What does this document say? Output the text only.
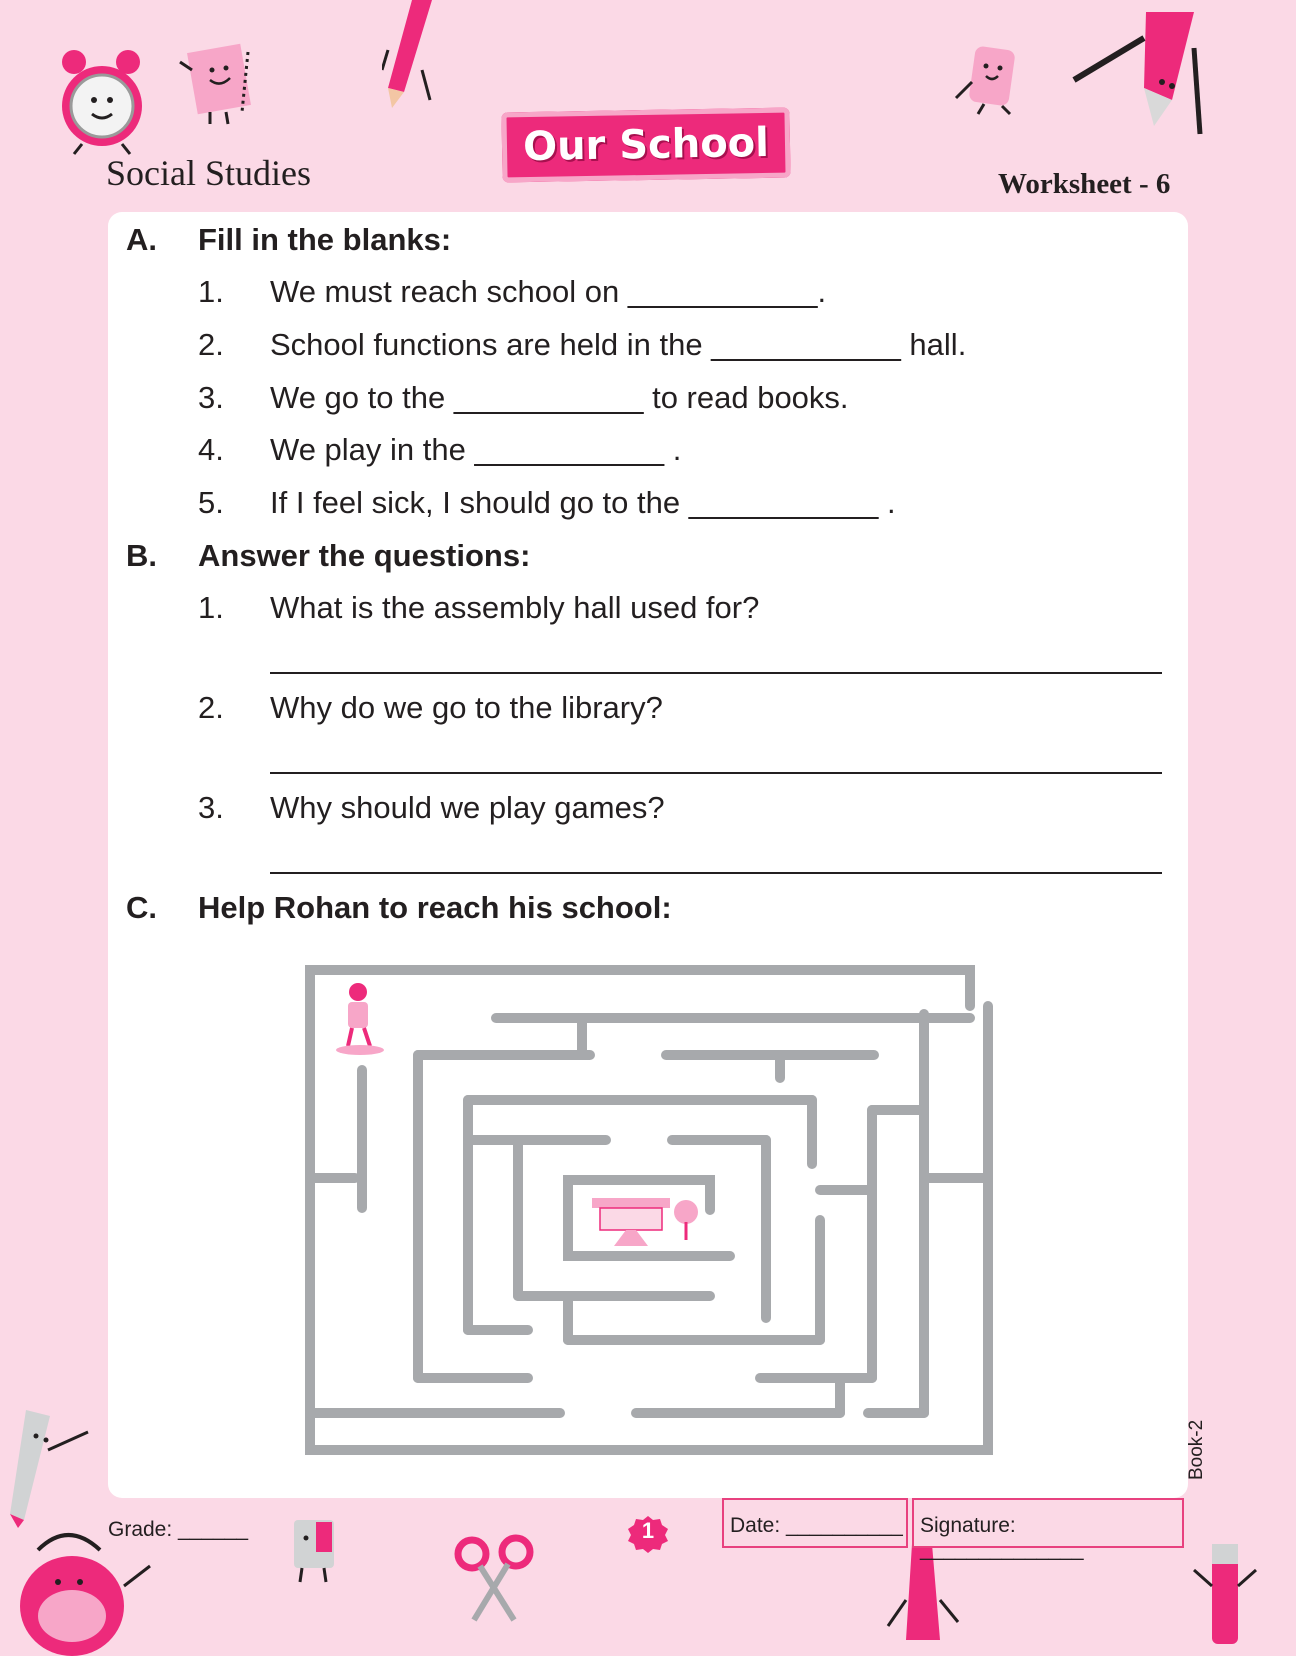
Social Studies
Our School
Worksheet - 6
A. Fill in the blanks:
1. We must reach school on ___________.
2. School functions are held in the ___________ hall.
3. We go to the ___________ to read books.
4. We play in the ___________ .
5. If I feel sick, I should go to the ___________ .
B. Answer the questions:
1. What is the assembly hall used for?
2. Why do we go to the library?
3. Why should we play games?
C. Help Rohan to reach his school:
Grade: ______	1	Date: __________ Signature: ______________
Book-2
